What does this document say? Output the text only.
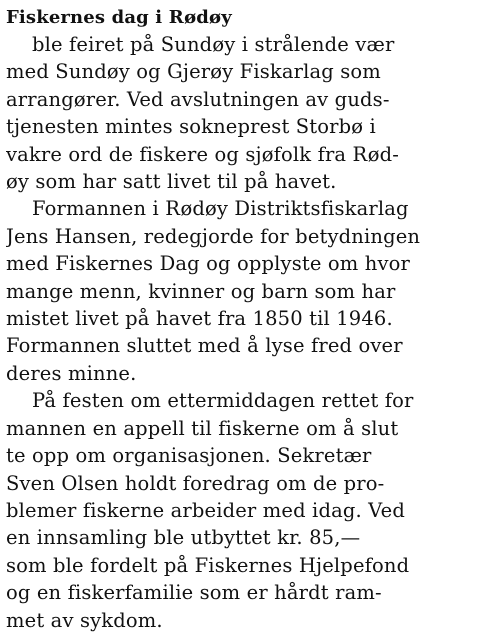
Fiskernes dag i Rødøy
ble feiret på Sundøy i strålende vær
med Sundøy og Gjerøy Fiskarlag som
arrangører. Ved avslutningen av guds-
tjenesten mintes sokneprest Storbø i
vakre ord de fiskere og sjøfolk fra Rød-
øy som har satt livet til på havet.
Formannen i Rødøy Distriktsfiskarlag
Jens Hansen, redegjorde for betydningen
med Fiskernes Dag og opplyste om hvor
mange menn, kvinner og barn som har
mistet livet på havet fra 1850 til 1946.
Formannen sluttet med å lyse fred over
deres minne.
På festen om ettermiddagen rettet for
mannen en appell til fiskerne om å slut
te opp om organisasjonen. Sekretær
Sven Olsen holdt foredrag om de pro-
blemer fiskerne arbeider med idag. Ved
en innsamling ble utbyttet kr. 85,—
som ble fordelt på Fiskernes Hjelpefond
og en fiskerfamilie som er hårdt ram-
met av sykdom.
